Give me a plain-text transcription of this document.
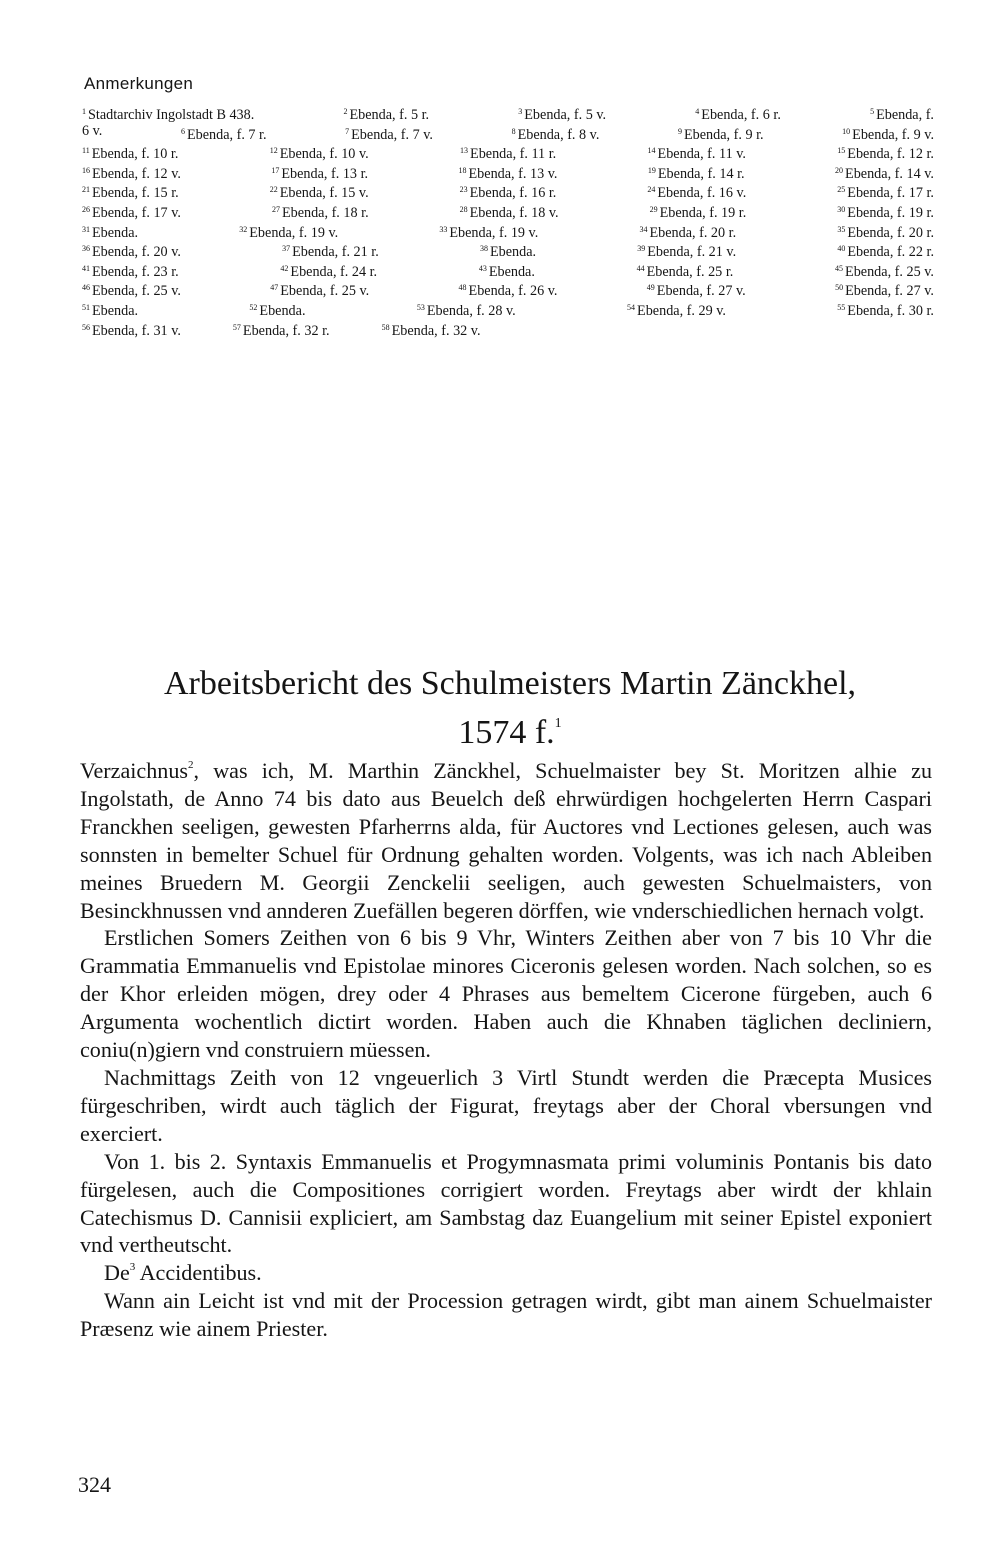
Anmerkungen
$^1$ Stadtarchiv Ingolstadt B 438.	$^2$ Ebenda, f. 5 r.	$^3$ Ebenda, f. 5 v.	$^4$ Ebenda, f. 6 r.	$^5$ Ebenda, f.
6 v.	$^6$ Ebenda, f. 7 r.	$^7$ Ebenda, f. 7 v.	$^8$ Ebenda, f. 8 v.	$^9$ Ebenda, f. 9 r.	$^{10}$ Ebenda, f. 9 v.
$^{11}$ Ebenda, f. 10 r.	$^{12}$ Ebenda, f. 10 v.	$^{13}$ Ebenda, f. 11 r.	$^{14}$ Ebenda, f. 11 v.	$^{15}$ Ebenda, f. 12 r.
$^{16}$ Ebenda, f. 12 v.	$^{17}$ Ebenda, f. 13 r.	$^{18}$ Ebenda, f. 13 v.	$^{19}$ Ebenda, f. 14 r.	$^{20}$ Ebenda, f. 14 v.
$^{21}$ Ebenda, f. 15 r.	$^{22}$ Ebenda, f. 15 v.	$^{23}$ Ebenda, f. 16 r.	$^{24}$ Ebenda, f. 16 v.	$^{25}$ Ebenda, f. 17 r.
$^{26}$ Ebenda, f. 17 v.	$^{27}$ Ebenda, f. 18 r.	$^{28}$ Ebenda, f. 18 v.	$^{29}$ Ebenda, f. 19 r.	$^{30}$ Ebenda, f. 19 r.
$^{31}$ Ebenda.	$^{32}$ Ebenda, f. 19 v.	$^{33}$ Ebenda, f. 19 v.	$^{34}$ Ebenda, f. 20 r.	$^{35}$ Ebenda, f. 20 r.
$^{36}$ Ebenda, f. 20 v.	$^{37}$ Ebenda, f. 21 r.	$^{38}$ Ebenda.	$^{39}$ Ebenda, f. 21 v.	$^{40}$ Ebenda, f. 22 r.
$^{41}$ Ebenda, f. 23 r.	$^{42}$ Ebenda, f. 24 r.	$^{43}$ Ebenda.	$^{44}$ Ebenda, f. 25 r.	$^{45}$ Ebenda, f. 25 v.
$^{46}$ Ebenda, f. 25 v.	$^{47}$ Ebenda, f. 25 v.	$^{48}$ Ebenda, f. 26 v.	$^{49}$ Ebenda, f. 27 v.	$^{50}$ Ebenda, f. 27 v.
$^{51}$ Ebenda.	$^{52}$ Ebenda.	$^{53}$ Ebenda, f. 28 v.	$^{54}$ Ebenda, f. 29 v.	$^{55}$ Ebenda, f. 30 r.
$^{56}$ Ebenda, f. 31 v.	$^{57}$ Ebenda, f. 32 r.	$^{58}$ Ebenda, f. 32 v.
Arbeitsbericht des Schulmeisters Martin Zänckhel,
1574 f.$^1$

Verzaichnus$^2$, was ich, M. Marthin Zänckhel, Schuelmaister bey St. Moritzen alhie zu Ingolstath, de Anno 74 bis dato aus Beuelch deß ehrwürdigen hochgelerten Herrn Caspari Franckhen seeligen, gewesten Pfarherrns alda, für Auctores vnd Lectiones gelesen, auch was sonnsten in bemelter Schuel für Ordnung gehalten worden. Volgents, was ich nach Ableiben meines Bruedern M. Georgii Zenckelii seeligen, auch gewesten Schuelmaisters, von Besinckhnussen vnd annderen Zuefällen begeren dörffen, wie vnderschiedlichen hernach volgt.

Erstlichen Somers Zeithen von 6 bis 9 Vhr, Winters Zeithen aber von 7 bis 10 Vhr die Grammatia Emmanuelis vnd Epistolae minores Ciceronis gelesen worden. Nach solchen, so es der Khor erleiden mögen, drey oder 4 Phrases aus bemeltem Cicerone fürgeben, auch 6 Argumenta wochentlich dictirt worden. Haben auch die Khnaben täglichen decliniern, coniu(n)giern vnd construiern müessen.

Nachmittags Zeith von 12 vngeuerlich 3 Virtl Stundt werden die Præcepta Musices fürgeschriben, wirdt auch täglich der Figurat, freytags aber der Choral vbersungen vnd exerciert.

Von 1. bis 2. Syntaxis Emmanuelis et Progymnasmata primi voluminis Pontanis bis dato fürgelesen, auch die Compositiones corrigiert worden. Freytags aber wirdt der khlain Catechismus D. Cannisii expliciert, am Sambstag daz Euangelium mit seiner Epistel exponiert vnd vertheutscht.

De$^3$ Accidentibus.

Wann ain Leicht ist vnd mit der Procession getragen wirdt, gibt man ainem Schuelmaister Præsenz wie ainem Priester.

324
